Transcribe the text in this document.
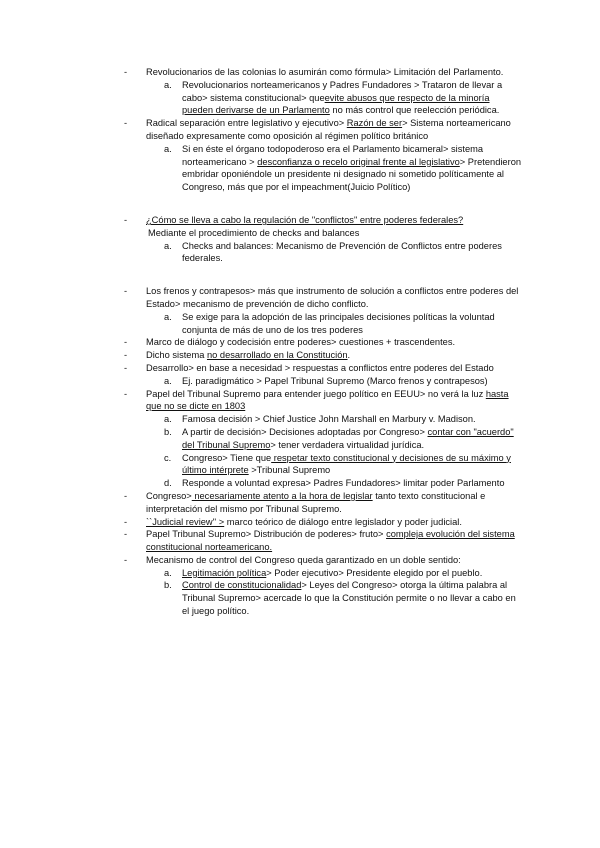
- Revolucionarios de las colonias lo asumirán como fórmula> Limitación del Parlamento.
a. Revolucionarios norteamericanos y Padres Fundadores > Trataron de llevar a cabo> sistema constitucional> queevite abusos que respecto de la minoría pueden derivarse de un Parlamento no más control que reelección periódica.
- Radical separación entre legislativo y ejecutivo> Razón de ser> Sistema norteamericano diseñado expresamente como oposición al régimen político británico
a. Si en éste el órgano todopoderoso era el Parlamento bicameral> sistema norteamericano > desconfianza o recelo original frente al legislativo> Pretendieron embridar oponiéndole un presidente ni designado ni sometido políticamente al Congreso, más que por el impeachment(Juicio Político)
- ¿Cómo se lleva a cabo la regulación de "conflictos" entre poderes federales?
Mediante el procedimiento de checks and balances
a. Checks and balances: Mecanismo de Prevención de Conflictos entre poderes federales.
- Los frenos y contrapesos> más que instrumento de solución a conflictos entre poderes del Estado> mecanismo de prevención de dicho conflicto.
a. Se exige para la adopción de las principales decisiones políticas la voluntad conjunta de más de uno de los tres poderes
- Marco de diálogo y codecisión entre poderes> cuestiones + trascendentes.
- Dicho sistema no desarrollado en la Constitución.
- Desarrollo> en base a necesidad > respuestas a conflictos entre poderes del Estado
a. Ej. paradigmático > Papel Tribunal Supremo (Marco frenos y contrapesos)
- Papel del Tribunal Supremo para entender juego político en EEUU> no verá la luz hasta que no se dicte en 1803
a. Famosa decisión > Chief Justice John Marshall en Marbury v. Madison.
b. A partir de decisión> Decisiones adoptadas por Congreso> contar con "acuerdo" del Tribunal Supremo> tener verdadera virtualidad jurídica.
c. Congreso> Tiene que respetar texto constitucional y decisiones de su máximo y último intérprete >Tribunal Supremo
d. Responde a voluntad expresa> Padres Fundadores> limitar poder Parlamento
- Congreso> necesariamente atento a la hora de legislar tanto texto constitucional e interpretación del mismo por Tribunal Supremo.
- ``Judicial review'' > marco teórico de diálogo entre legislador y poder judicial.
- Papel Tribunal Supremo> Distribución de poderes> fruto> compleja evolución del sistema constitucional norteamericano.
- Mecanismo de control del Congreso queda garantizado en un doble sentido:
a. Legitimación política> Poder ejecutivo> Presidente elegido por el pueblo.
b. Control de constitucionalidad> Leyes del Congreso> otorga la última palabra al Tribunal Supremo> acercade lo que la Constitución permite o no llevar a cabo en el juego político.
